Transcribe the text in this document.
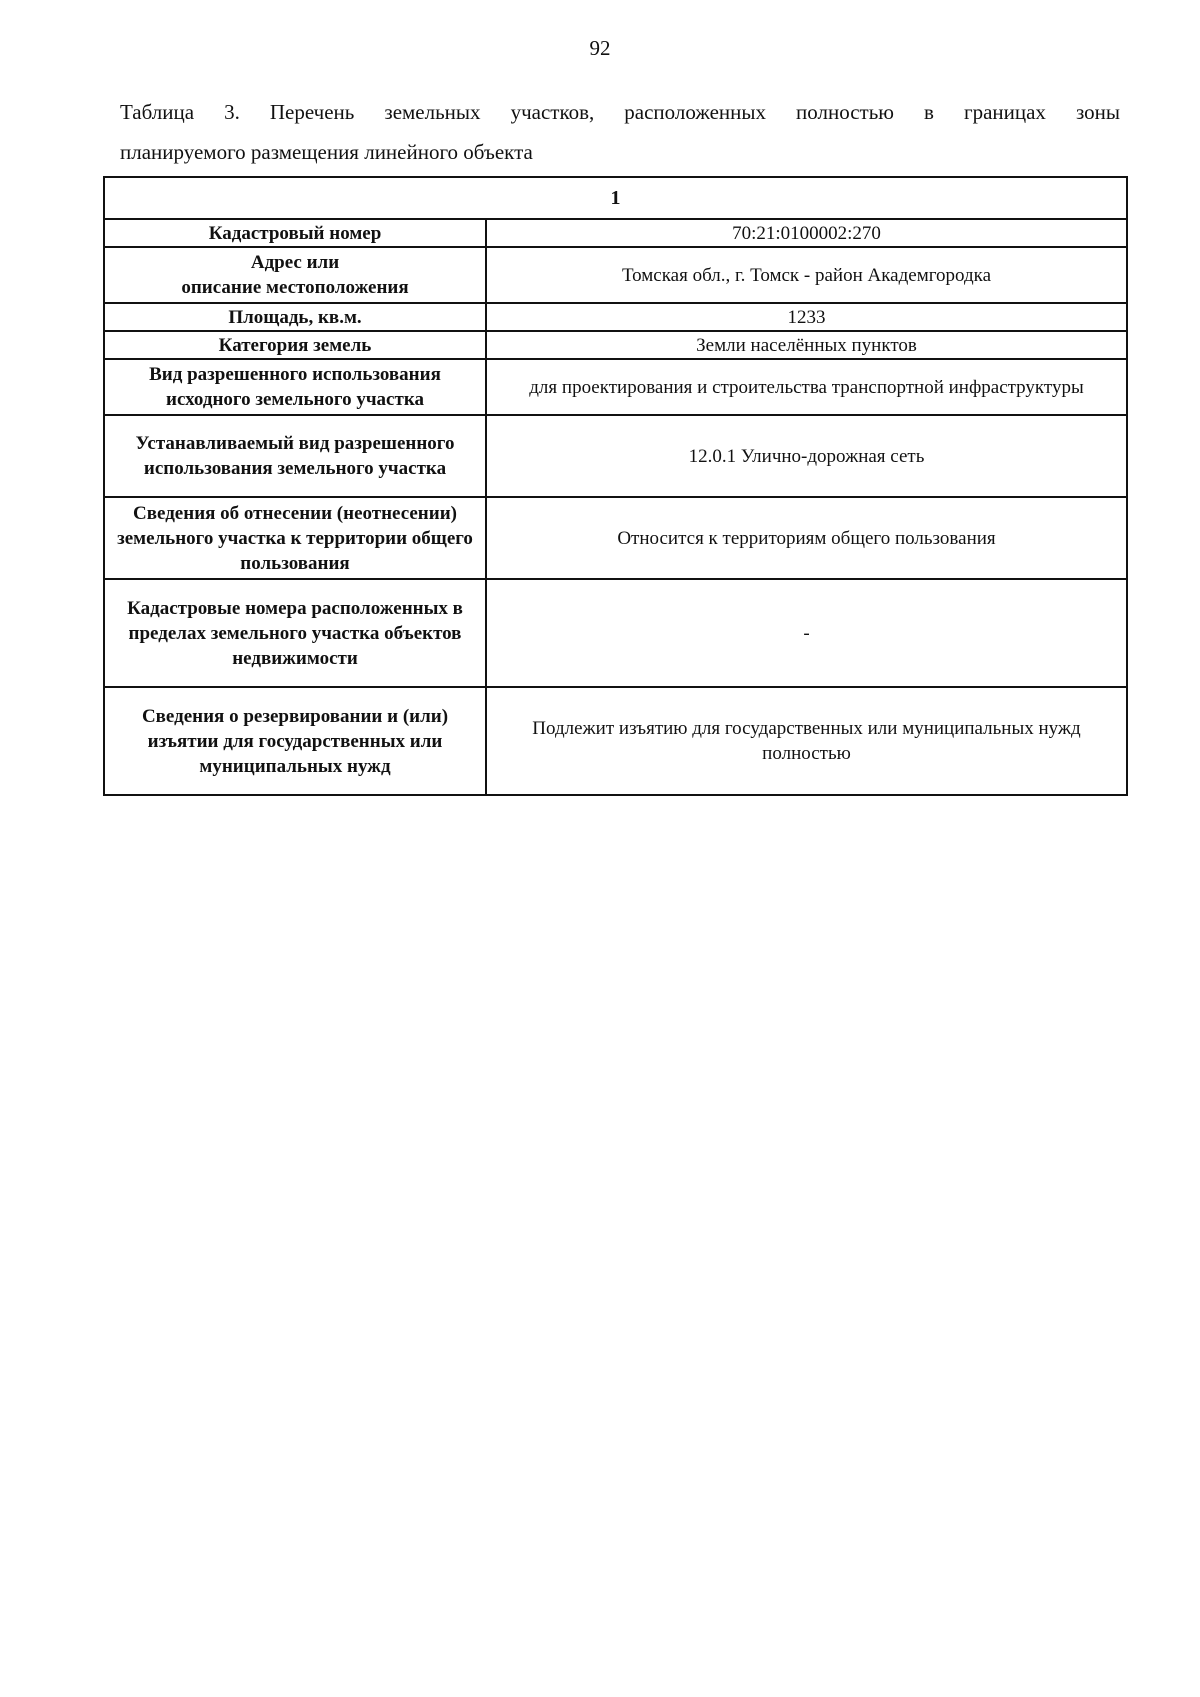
92
Таблица 3. Перечень земельных участков, расположенных полностью в границах зоны
планируемого размещения линейного объекта
1	
Кадастровый номер	70:21:0100002:270
Адрес или
описание местоположения	Томская обл., г. Томск - район Академгородка
Площадь, кв.м.	1233
Категория земель	Земли населённых пунктов
Вид разрешенного использования исходного земельного участка	для проектирования и строительства транспортной инфраструктуры
Устанавливаемый вид разрешенного использования земельного участка	12.0.1 Улично-дорожная сеть
Сведения об отнесении (неотнесении) земельного участка к территории общего пользования	Относится к территориям общего пользования
Кадастровые номера расположенных в пределах земельного участка объектов недвижимости	-
Сведения о резервировании и (или) изъятии для государственных или муниципальных нужд	Подлежит изъятию для государственных или муниципальных нужд полностью
